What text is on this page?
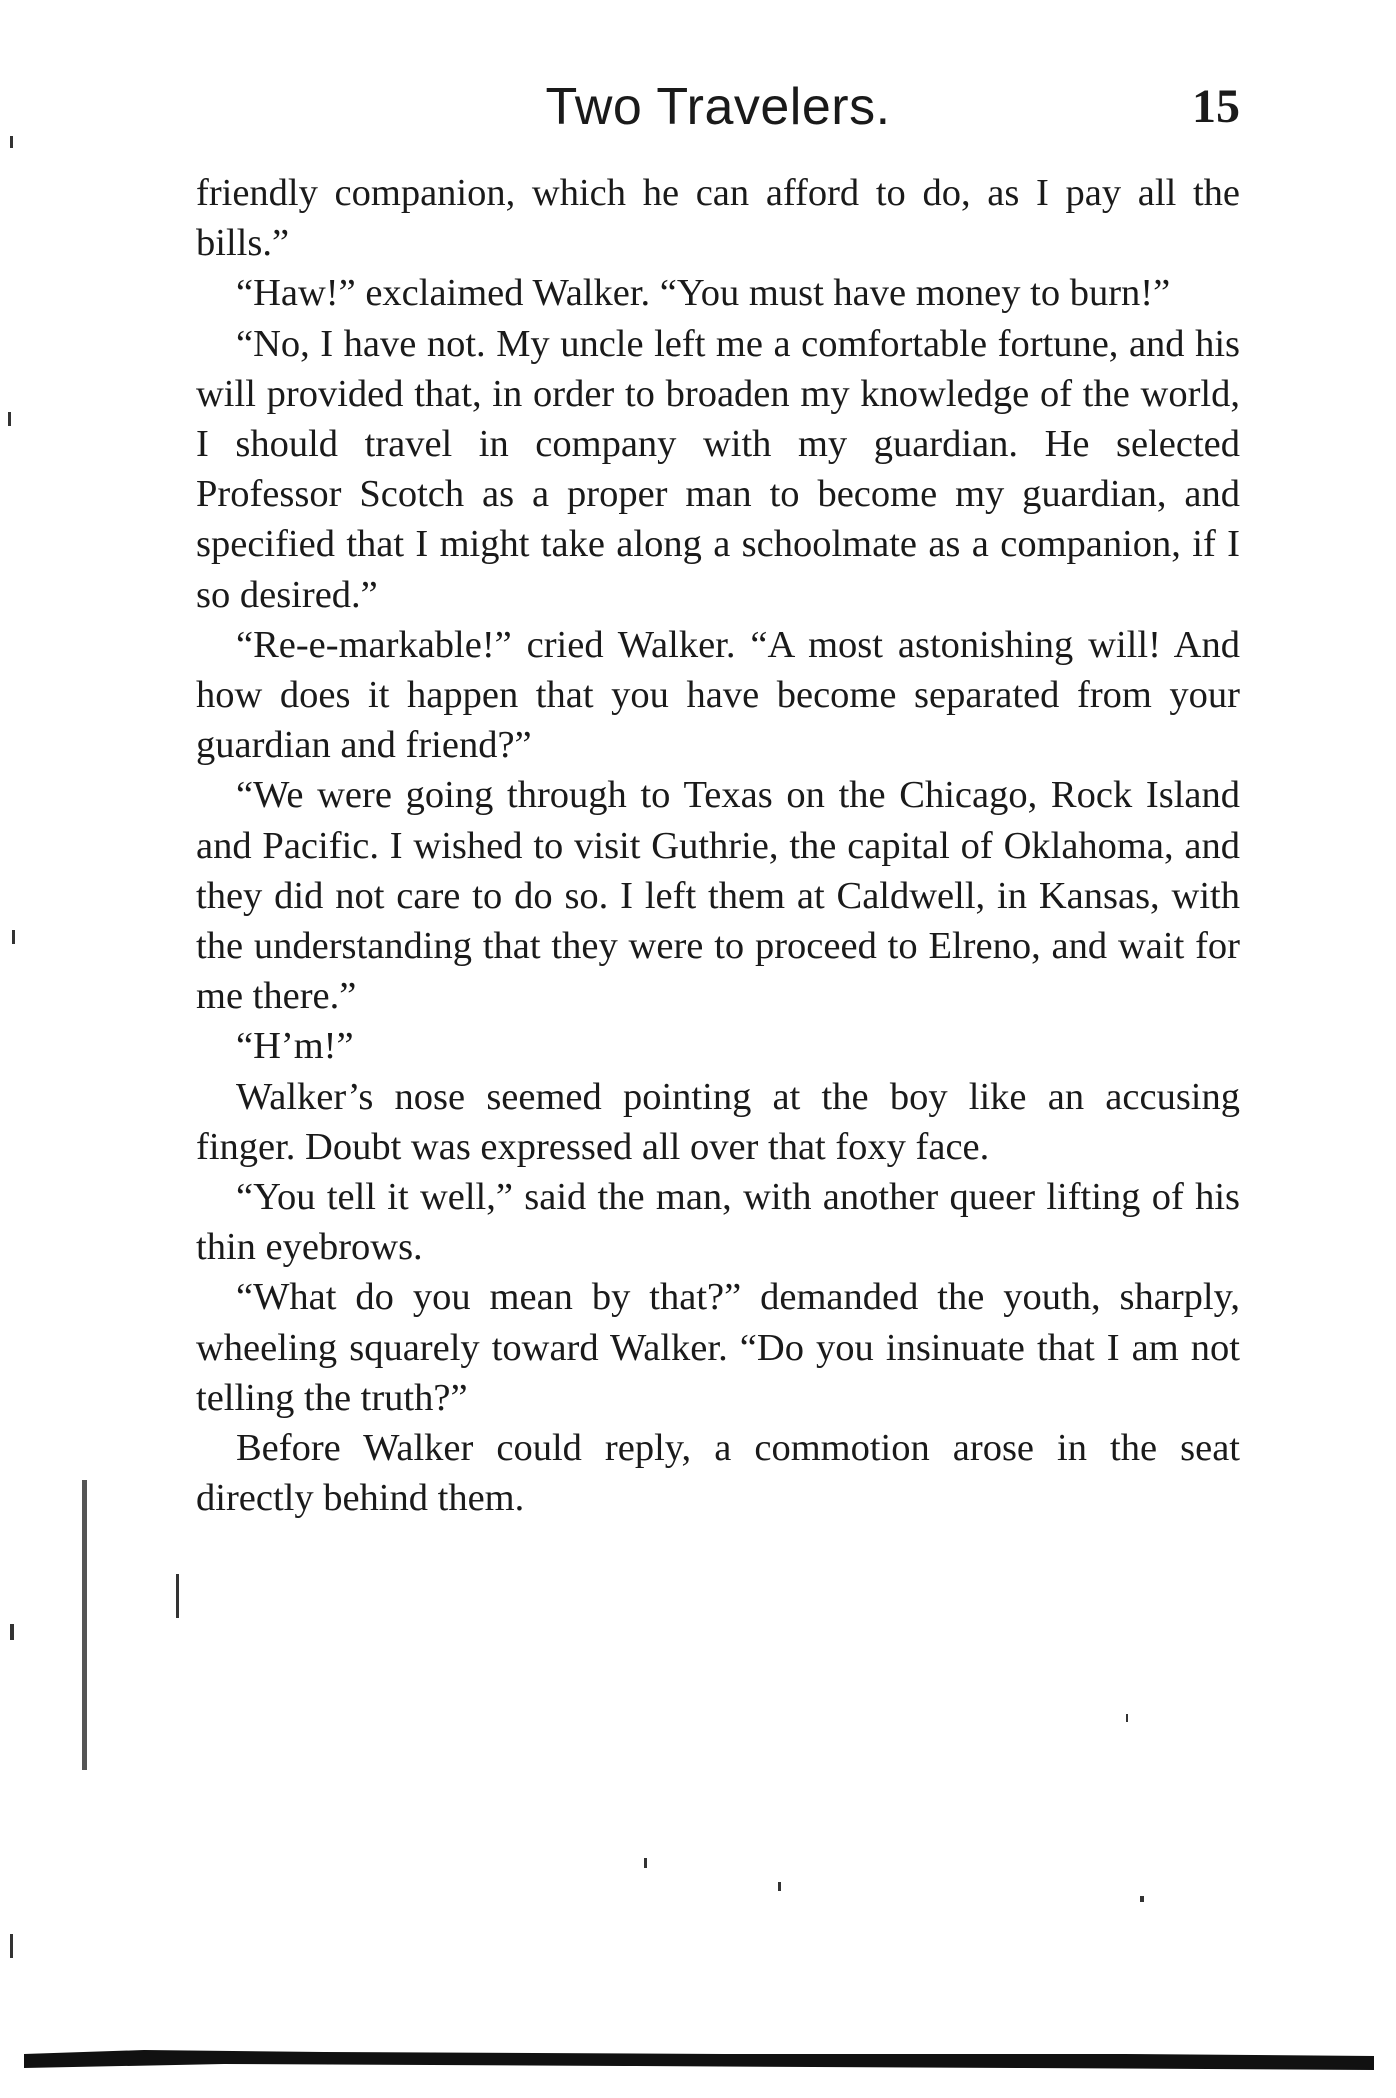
Two Travelers.	15

friendly companion, which he can afford to do, as I pay all the bills.”

“Haw!” exclaimed Walker. “You must have money to burn!”

“No, I have not. My uncle left me a comfortable fortune, and his will provided that, in order to broaden my knowledge of the world, I should travel in company with my guardian. He selected Professor Scotch as a proper man to become my guardian, and specified that I might take along a schoolmate as a companion, if I so desired.”

“Re-e-markable!” cried Walker. “A most astonishing will! And how does it happen that you have become separated from your guardian and friend?”

“We were going through to Texas on the Chicago, Rock Island and Pacific. I wished to visit Guthrie, the capital of Oklahoma, and they did not care to do so. I left them at Caldwell, in Kansas, with the understanding that they were to proceed to Elreno, and wait for me there.”

“H’m!”

Walker’s nose seemed pointing at the boy like an accusing finger. Doubt was expressed all over that foxy face.

“You tell it well,” said the man, with another queer lifting of his thin eyebrows.

“What do you mean by that?” demanded the youth, sharply, wheeling squarely toward Walker. “Do you insinuate that I am not telling the truth?”

Before Walker could reply, a commotion arose in the seat directly behind them.
